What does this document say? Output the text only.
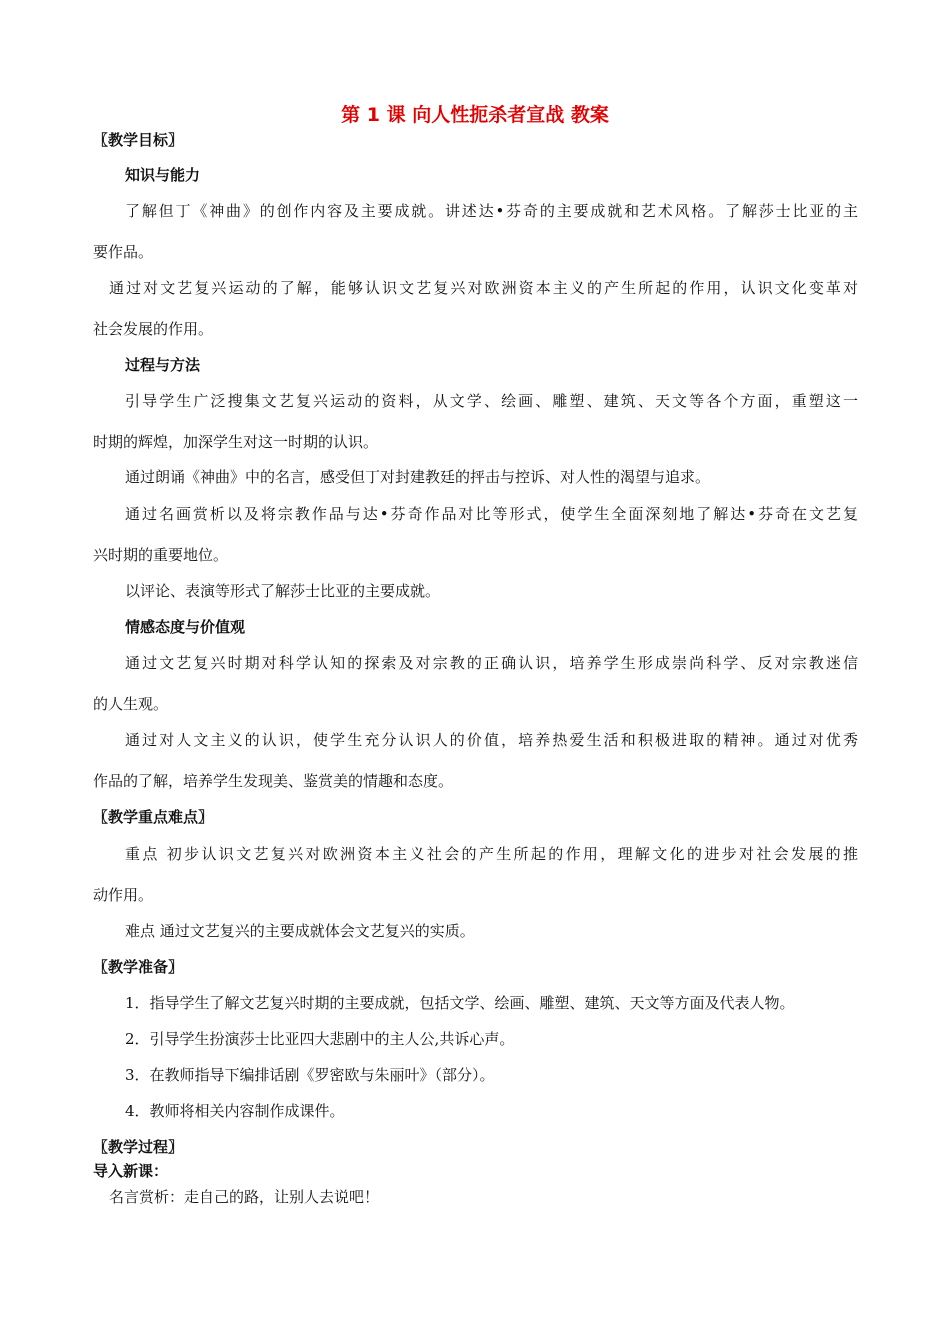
第 1 课 向人性扼杀者宣战 教案
〖教学目标〗
知识与能力
了解但丁《神曲》的创作内容及主要成就。讲述达•芬奇的主要成就和艺术风格。了解莎士比亚的主
要作品。
通过对文艺复兴运动的了解，能够认识文艺复兴对欧洲资本主义的产生所起的作用，认识文化变革对
社会发展的作用。
过程与方法
引导学生广泛搜集文艺复兴运动的资料，从文学、绘画、雕塑、建筑、天文等各个方面，重塑这一
时期的辉煌，加深学生对这一时期的认识。
通过朗诵《神曲》中的名言，感受但丁对封建教廷的抨击与控诉、对人性的渴望与追求。
通过名画赏析以及将宗教作品与达•芬奇作品对比等形式，使学生全面深刻地了解达•芬奇在文艺复
兴时期的重要地位。
以评论、表演等形式了解莎士比亚的主要成就。
情感态度与价值观
通过文艺复兴时期对科学认知的探索及对宗教的正确认识，培养学生形成崇尚科学、反对宗教迷信
的人生观。
通过对人文主义的认识，使学生充分认识人的价值，培养热爱生活和积极进取的精神。通过对优秀
作品的了解，培养学生发现美、鉴赏美的情趣和态度。
〖教学重点难点〗
重点 初步认识文艺复兴对欧洲资本主义社会的产生所起的作用，理解文化的进步对社会发展的推
动作用。
难点 通过文艺复兴的主要成就体会文艺复兴的实质。
〖教学准备〗
1．指导学生了解文艺复兴时期的主要成就，包括文学、绘画、雕塑、建筑、天文等方面及代表人物。
2．引导学生扮演莎士比亚四大悲剧中的主人公,共诉心声。
3．在教师指导下编排话剧《罗密欧与朱丽叶》（部分）。
4．教师将相关内容制作成课件。
〖教学过程〗
导入新课：
名言赏析：走自己的路，让别人去说吧！
